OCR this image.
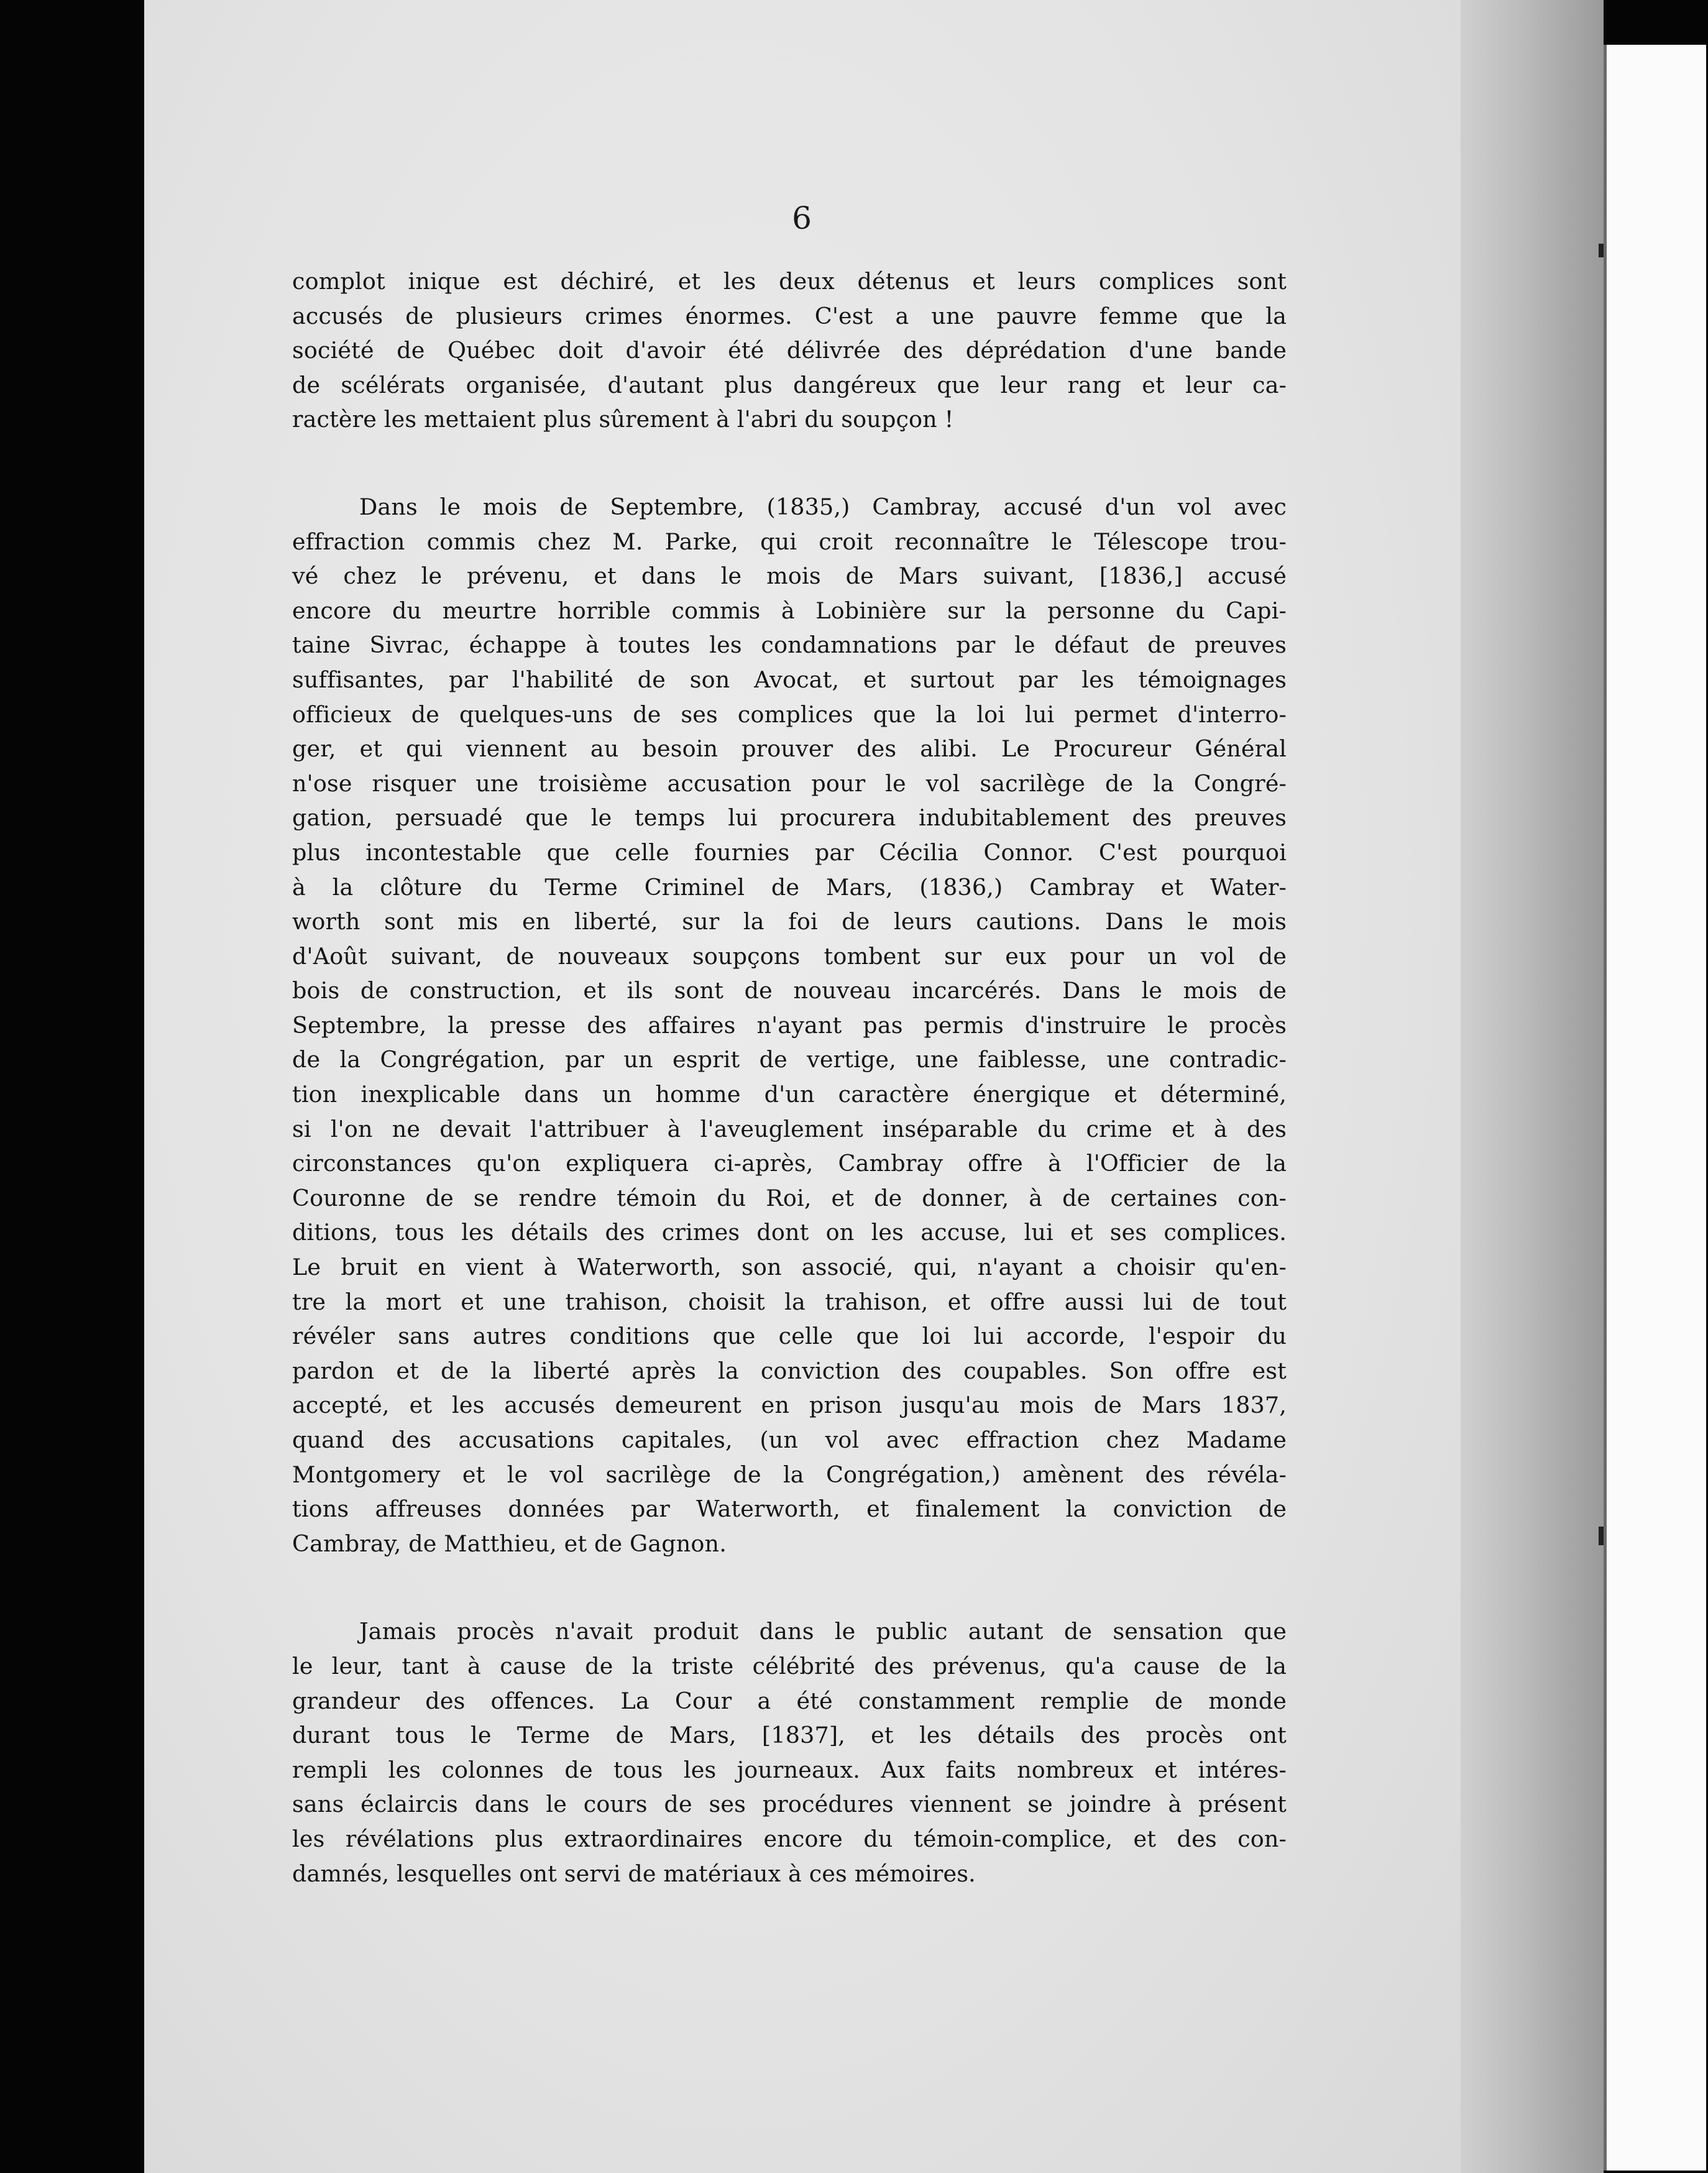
6

complot inique est déchiré, et les deux détenus et leurs complices sont
accusés de plusieurs crimes énormes. C'est a une pauvre femme que la
société de Québec doit d'avoir été délivrée des déprédation d'une bande
de scélérats organisée, d'autant plus dangéreux que leur rang et leur ca-
ractère les mettaient plus sûrement à l'abri du soupçon !

Dans le mois de Septembre, (1835,) Cambray, accusé d'un vol avec
effraction commis chez M. Parke, qui croit reconnaître le Télescope trou-
vé chez le prévenu, et dans le mois de Mars suivant, [1836,] accusé
encore du meurtre horrible commis à Lobinière sur la personne du Capi-
taine Sivrac, échappe à toutes les condamnations par le défaut de preuves
suffisantes, par l'habilité de son Avocat, et surtout par les témoignages
officieux de quelques-uns de ses complices que la loi lui permet d'interro-
ger, et qui viennent au besoin prouver des alibi. Le Procureur Général
n'ose risquer une troisième accusation pour le vol sacrilège de la Congré-
gation, persuadé que le temps lui procurera indubitablement des preuves
plus incontestable que celle fournies par Cécilia Connor. C'est pourquoi
à la clôture du Terme Criminel de Mars, (1836,) Cambray et Water-
worth sont mis en liberté, sur la foi de leurs cautions. Dans le mois
d'Août suivant, de nouveaux soupçons tombent sur eux pour un vol de
bois de construction, et ils sont de nouveau incarcérés. Dans le mois de
Septembre, la presse des affaires n'ayant pas permis d'instruire le procès
de la Congrégation, par un esprit de vertige, une faiblesse, une contradic-
tion inexplicable dans un homme d'un caractère énergique et déterminé,
si l'on ne devait l'attribuer à l'aveuglement inséparable du crime et à des
circonstances qu'on expliquera ci-après, Cambray offre à l'Officier de la
Couronne de se rendre témoin du Roi, et de donner, à de certaines con-
ditions, tous les détails des crimes dont on les accuse, lui et ses complices.
Le bruit en vient à Waterworth, son associé, qui, n'ayant a choisir qu'en-
tre la mort et une trahison, choisit la trahison, et offre aussi lui de tout
révéler sans autres conditions que celle que loi lui accorde, l'espoir du
pardon et de la liberté après la conviction des coupables. Son offre est
accepté, et les accusés demeurent en prison jusqu'au mois de Mars 1837,
quand des accusations capitales, (un vol avec effraction chez Madame
Montgomery et le vol sacrilège de la Congrégation,) amènent des révéla-
tions affreuses données par Waterworth, et finalement la conviction de
Cambray, de Matthieu, et de Gagnon.

Jamais procès n'avait produit dans le public autant de sensation que
le leur, tant à cause de la triste célébrité des prévenus, qu'a cause de la
grandeur des offences. La Cour a été constamment remplie de monde
durant tous le Terme de Mars, [1837], et les détails des procès ont
rempli les colonnes de tous les journeaux. Aux faits nombreux et intéres-
sans éclaircis dans le cours de ses procédures viennent se joindre à présent
les révélations plus extraordinaires encore du témoin-complice, et des con-
damnés, lesquelles ont servi de matériaux à ces mémoires.
